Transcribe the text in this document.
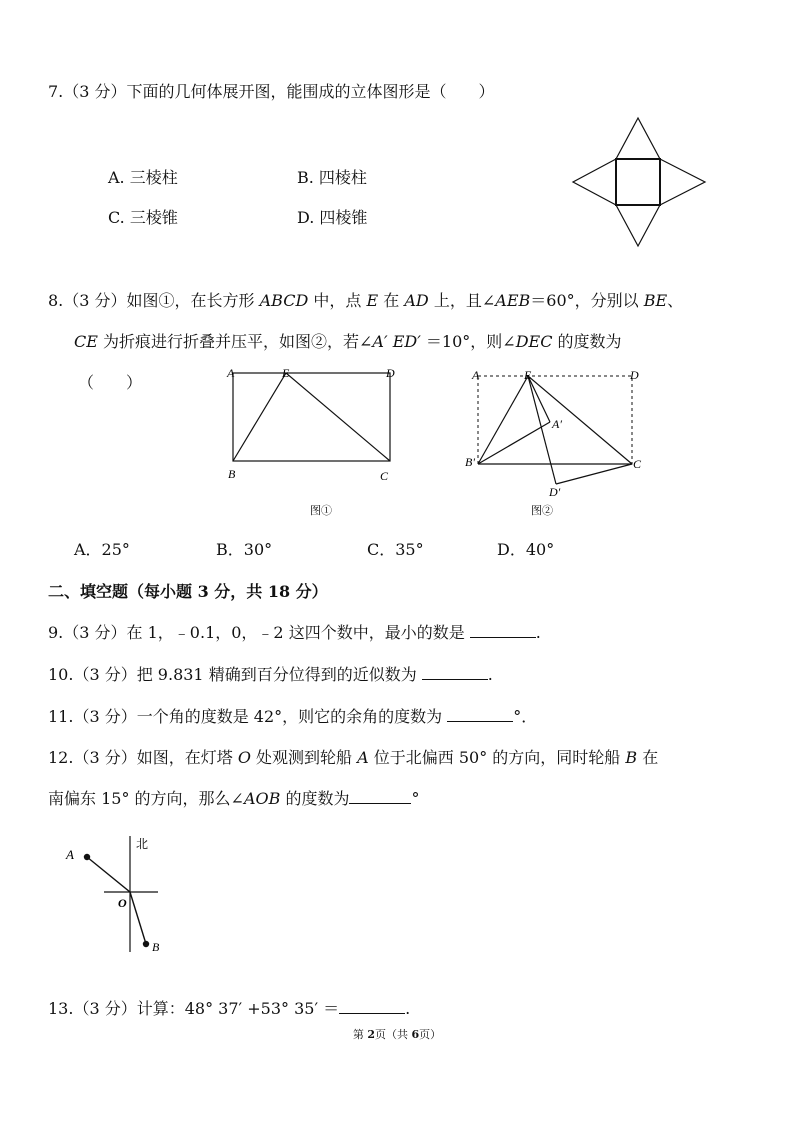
7.（3 分）下面的几何体展开图，能围成的立体图形是（　　）
A. 三棱柱	B. 四棱柱
C. 三棱锥	D. 四棱锥
8.（3 分）如图①，在长方形 ABCD 中，点 E 在 AD 上，且∠AEB＝60°，分别以 BE、
CE 为折痕进行折叠并压平，如图②，若∠A′ ED′ ＝10°，则∠DEC 的度数为
（　　）	A	E	D
B	C
图①
A	E	D
A′
B'	C
D′
图②
A．25°	B．30°	C．35°	D．40°
二、填空题（每小题 3 分，共 18 分）
9.（3 分）在 1，﹣0.1，0，﹣2 这四个数中，最小的数是	.
10.（3 分）把 9.831 精确到百分位得到的近似数为	.
11.（3 分）一个角的度数是 42°，则它的余角的度数为	°．
12.（3 分）如图，在灯塔 O 处观测到轮船 A 位于北偏西 50° 的方向，同时轮船 B 在
南偏东 15° 的方向，那么∠AOB 的度数为	°
北
A
O
B
13.（3 分）计算：48° 37′ +53° 35′ ＝	.
第 2页（共 6页）
